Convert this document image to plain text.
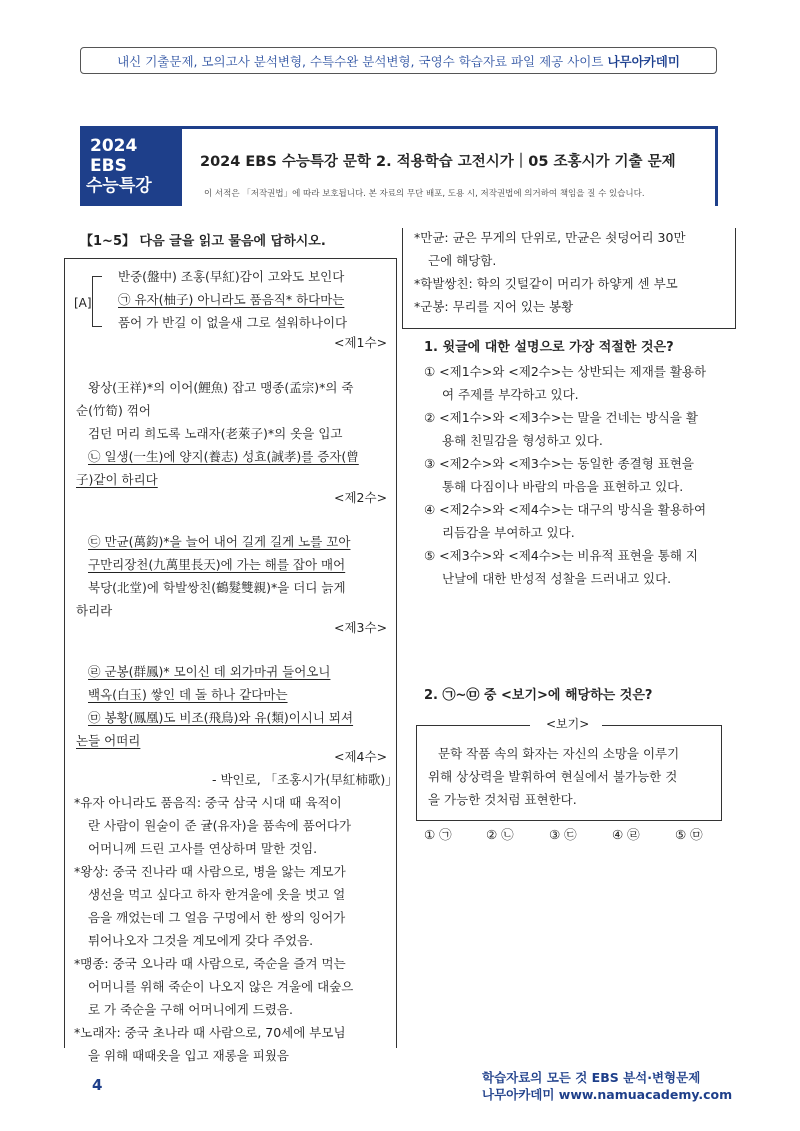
내신 기출문제, 모의고사 분석변형, 수특수완 분석변형, 국영수 학습자료 파일 제공 사이트 나무아카데미
2024
EBS
수능특강
2024 EBS 수능특강 문학 2. 적용학습 고전시가｜05 조홍시가 기출 문제
이 서적은 「저작권법」에 따라 보호됩니다. 본 자료의 무단 배포, 도용 시, 저작권법에 의거하여 책임을 질 수 있습니다.
【1~5】 다음 글을 읽고 물음에 답하시오.
[A]
반중(盤中) 조홍(早紅)감이 고와도 보인다
㉠ 유자(柚子) 아니라도 품음직* 하다마는
품어 가 반길 이 없을새 그로 설워하나이다
<제1수>
왕상(王祥)*의 이어(鯉魚) 잡고 맹종(孟宗)*의 죽
순(竹筍) 꺾어
검던 머리 희도록 노래자(老萊子)*의 옷을 입고
㉡ 일생(一生)에 양지(養志) 성효(誠孝)를 증자(曾
子)같이 하리다
<제2수>
㉢ 만균(萬鈞)*을 늘어 내어 길게 길게 노를 꼬아
구만리장천(九萬里長天)에 가는 해를 잡아 매어
북당(北堂)에 학발쌍친(鶴髮雙親)*을 더디 늙게
하리라
<제3수>
㉣ 군봉(群鳳)* 모이신 데 외가마귀 들어오니
백옥(白玉) 쌓인 데 돌 하나 같다마는
㉤ 봉황(鳳凰)도 비조(飛鳥)와 유(類)이시니 뫼셔
논들 어떠리
<제4수>
- 박인로, 「조홍시가(早紅柿歌)」
*유자 아니라도 품음직: 중국 삼국 시대 때 육적이
란 사람이 원술이 준 귤(유자)을 품속에 품어다가
어머니께 드린 고사를 연상하며 말한 것임.
*왕상: 중국 진나라 때 사람으로, 병을 앓는 계모가
생선을 먹고 싶다고 하자 한겨울에 옷을 벗고 얼
음을 깨었는데 그 얼음 구멍에서 한 쌍의 잉어가
튀어나오자 그것을 계모에게 갖다 주었음.
*맹종: 중국 오나라 때 사람으로, 죽순을 즐겨 먹는
어머니를 위해 죽순이 나오지 않은 겨울에 대숲으
로 가 죽순을 구해 어머니에게 드렸음.
*노래자: 중국 초나라 때 사람으로, 70세에 부모님
을 위해 때때옷을 입고 재롱을 피웠음
*만균: 균은 무게의 단위로, 만균은 쇳덩어리 30만
근에 해당함.
*학발쌍친: 학의 깃털같이 머리가 하얗게 센 부모
*군봉: 무리를 지어 있는 봉황
1. 윗글에 대한 설명으로 가장 적절한 것은?
① <제1수>와 <제2수>는 상반되는 제재를 활용하
여 주제를 부각하고 있다.
② <제1수>와 <제3수>는 말을 건네는 방식을 활
용해 친밀감을 형성하고 있다.
③ <제2수>와 <제3수>는 동일한 종결형 표현을
통해 다짐이나 바람의 마음을 표현하고 있다.
④ <제2수>와 <제4수>는 대구의 방식을 활용하여
리듬감을 부여하고 있다.
⑤ <제3수>와 <제4수>는 비유적 표현을 통해 지
난날에 대한 반성적 성찰을 드러내고 있다.
2. ㉠~㉤ 중 <보기>에 해당하는 것은?
<보기>
문학 작품 속의 화자는 자신의 소망을 이루기
위해 상상력을 발휘하여 현실에서 불가능한 것
을 가능한 것처럼 표현한다.
① ㉠	② ㉡	③ ㉢	④ ㉣	⑤ ㉤
4	학습자료의 모든 것 EBS 분석·변형문제
나무아카데미 www.namuacademy.com
